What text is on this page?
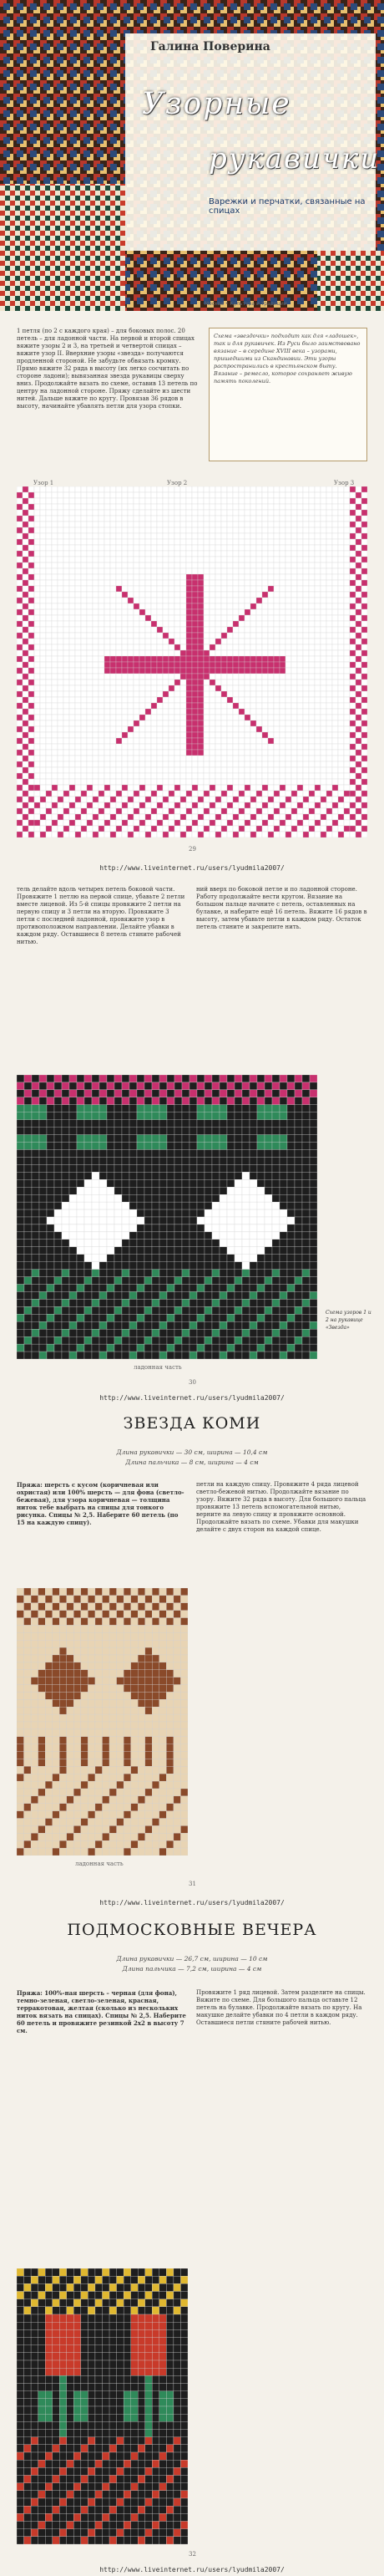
Галина Поверина
Узорные
рукавички
Варежки и перчатки, связанные на спицах
Москва • Культура и традиции
1 петля (по 2 с каждого края) – для боковых полос. 20 петель – для ладонной части. На первой и второй спицах вяжите узоры 2 и 3, на третьей и четвертой спицах – вяжите узор II. Вверхние узоры «звезда» получаются продленной стороной. Не забудьте обвязать кромку. Прямо вяжите 32 ряда в высоту (их легко сосчитать по стороне ладони); вывязанная звезда рукавицы сверху вниз. Продолжайте вязать по схеме, оставив 13 петель по центру на ладонной стороне. Пряжу сделайте из шести нитей. Дальше вяжите по кругу. Провязав 36 рядов в высоту, начинайте убавлять петли для узора стопки.
Схема «звездочки» подходит как для «ладошек», так и для рукавичек. Из Руси было заимствовано вязание – в середине XVIII века – узорами, пришедшими из Скандинавии. Эти узоры распространились в крестьянском быту. Вязание – ремесло, которое сохраняет живую память поколений.
Узор 1	Узор 2	Узор 3
29
http://www.liveinternet.ru/users/lyudmila2007/
тель делайте вдоль четырех петель боковой части. Провяжите 1 петлю на первой спице, убавьте 2 петли вместе лицевой. Из 5-й спицы провяжите 2 петли на первую спицу и 3 петли на вторую. Провяжите 3 петли с последней ладонной, провяжите узор в противоположном направлении. Делайте убавки в каждом ряду. Оставшиеся 8 петель стяните рабочей нитью.
ний вверх по боковой петле и по ладонной стороне. Работу продолжайте вести кругом. Вязание на большом пальце начните с петель, оставленных на булавке, и наберите ещё 16 петель. Вяжите 16 рядов в высоту, затем убавьте петли в каждом ряду. Остаток петель стяните и закрепите нить.
ладонная часть
Схема узоров 1 и 2 на рукавице «Звезда»
30
http://www.liveinternet.ru/users/lyudmila2007/
ЗВЕЗДА КОМИ
Длина рукавички — 30 см, ширина — 10,4 см
Длина пальчика — 8 см, ширина — 4 см
Пряжа: шерсть с кусом (коричневая или охристая) или 100% шерсть — для фона (светло-бежевая), для узора коричневая — толщина ниток тебе выбрать на спицы для тонкого рисунка. Спицы № 2,5. Наберите 60 петель (по 15 на каждую спицу).
петли на каждую спицу. Провяжите 4 ряда лицевой светло-бежевой нитью. Продолжайте вязание по узору. Вяжите 32 ряда в высоту. Для большого пальца провяжите 13 петель вспомогательной нитью, верните на левую спицу и провяжите основной. Продолжайте вязать по схеме. Убавки для макушки делайте с двух сторон на каждой спице.
ладонная часть
31
http://www.liveinternet.ru/users/lyudmila2007/
ПОДМОСКОВНЫЕ ВЕЧЕРА
Длина рукавички — 26,7 см, ширина — 10 см
Длина пальчика — 7,2 см, ширина — 4 см
Пряжа: 100%-ная шерсть – черная (для фона), темно-зеленая, светло-зеленая, красная, терракотовая, желтая (сколько из нескольких ниток вязать на спицах). Спицы № 2,5. Наберите 60 петель и провяжите резинкой 2x2 в высоту 7 см.
Провяжите 1 ряд лицевой. Затем разделите на спицы. Вяжите по схеме. Для большого пальца оставьте 12 петель на булавке. Продолжайте вязать по кругу. На макушке делайте убавки по 4 петли в каждом ряду. Оставшиеся петли стяните рабочей нитью.
32
http://www.liveinternet.ru/users/lyudmila2007/
